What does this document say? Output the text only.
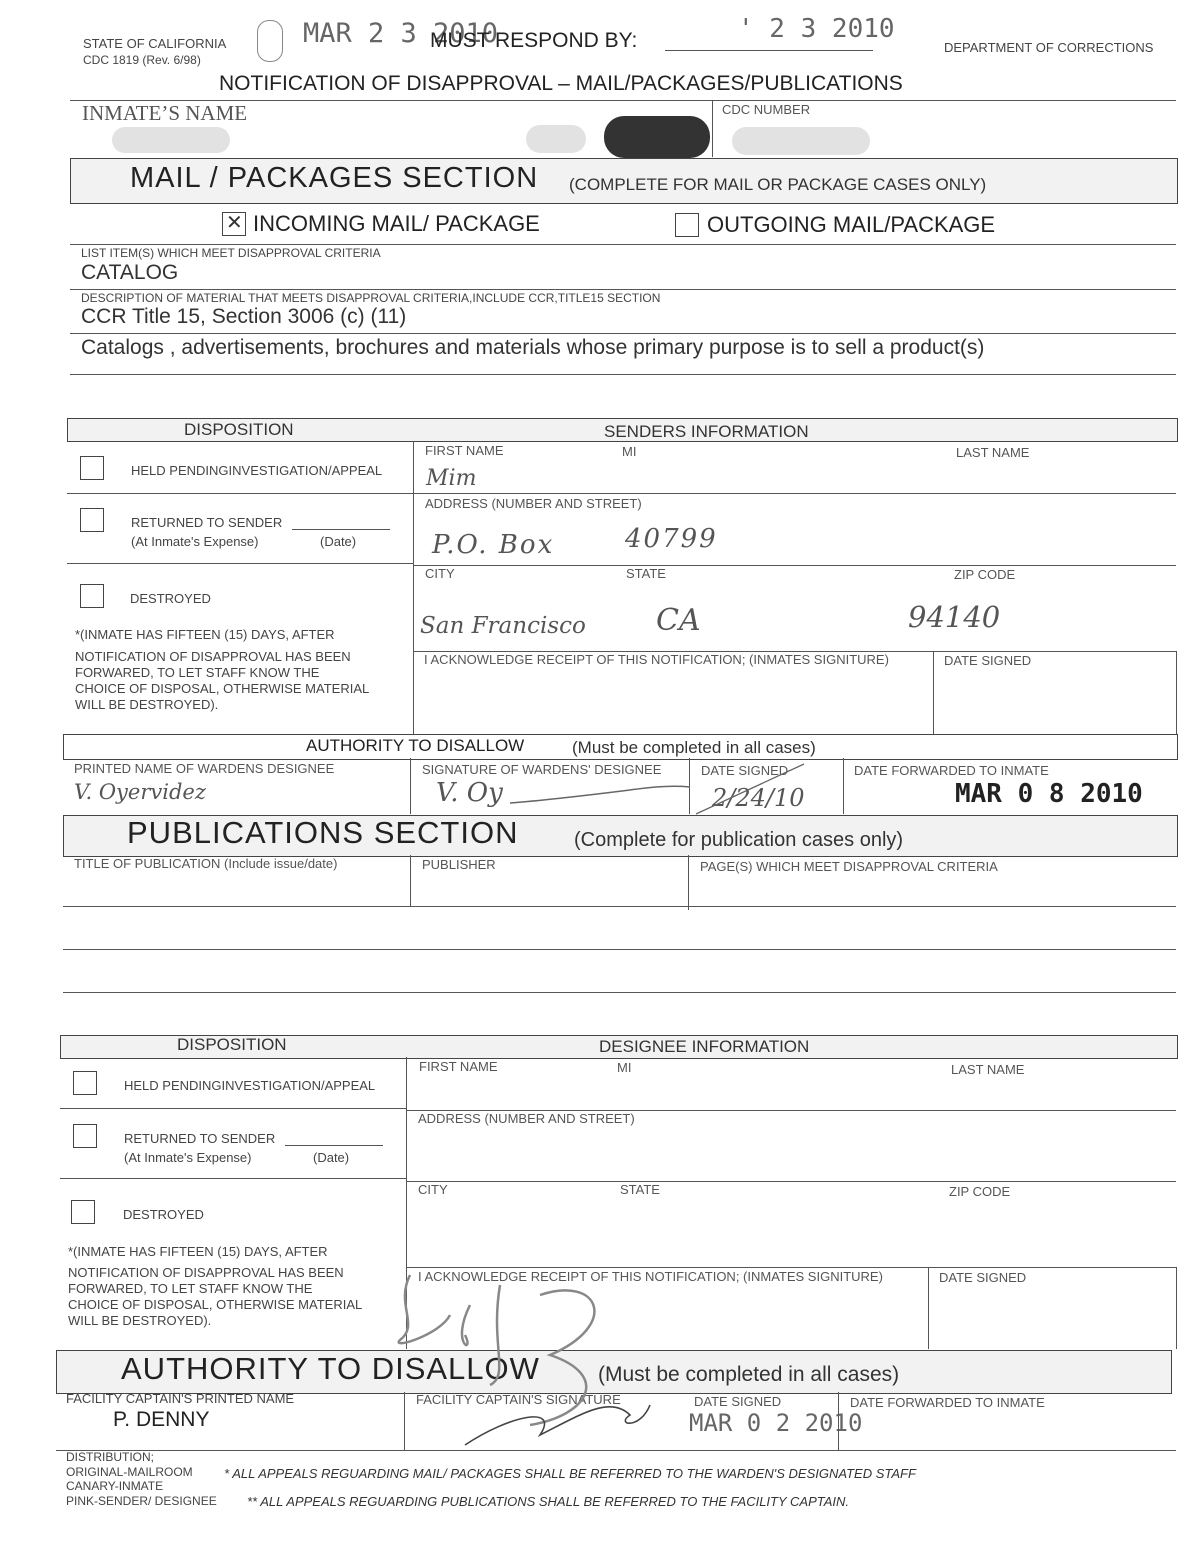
STATE OF CALIFORNIA
CDC 1819 (Rev. 6/98)
MAR 2 3 2010
MUST RESPOND BY:	' 2 3 2010
DEPARTMENT OF CORRECTIONS
NOTIFICATION OF DISAPPROVAL – MAIL/PACKAGES/PUBLICATIONS
INMATE’S NAME	CDC NUMBER
MAIL / PACKAGES SECTION (COMPLETE FOR MAIL OR PACKAGE CASES ONLY)
✕ INCOMING MAIL/ PACKAGE	OUTGOING MAIL/PACKAGE
LIST ITEM(S) WHICH MEET DISAPPROVAL CRITERIA
CATALOG
DESCRIPTION OF MATERIAL THAT MEETS DISAPPROVAL CRITERIA,INCLUDE CCR,TITLE15 SECTION
CCR Title 15, Section 3006 (c) (11)
Catalogs , advertisements, brochures and materials whose primary purpose is to sell a product(s)
DISPOSITION	SENDERS INFORMATION
HELD PENDINGINVESTIGATION/APPEAL
RETURNED TO SENDER
(At Inmate's Expense)	(Date)
DESTROYED
*(INMATE HAS FIFTEEN (15) DAYS, AFTER
NOTIFICATION OF DISAPPROVAL HAS BEEN
FORWARED, TO LET STAFF KNOW THE
CHOICE OF DISPOSAL, OTHERWISE MATERIAL
WILL BE DESTROYED).
FIRST NAME	MI	LAST NAME
Mim
ADDRESS (NUMBER AND STREET)
P.O. Box	40799
CITY	STATE	ZIP CODE
San Francisco CA	94140
I ACKNOWLEDGE RECEIPT OF THIS NOTIFICATION; (INMATES SIGNITURE)	DATE SIGNED
AUTHORITY TO DISALLOW	(Must be completed in all cases)
PRINTED NAME OF WARDENS DESIGNEE	SIGNATURE OF WARDENS' DESIGNEE	DATE SIGNED	DATE FORWARDED TO INMATE
V. Oyervidez	V. Oy	2/24/10	MAR 0 8 2010
PUBLICATIONS SECTION	(Complete for publication cases only)
TITLE OF PUBLICATION (Include issue/date)	PUBLISHER	PAGE(S) WHICH MEET DISAPPROVAL CRITERIA
DISPOSITION	DESIGNEE INFORMATION
HELD PENDINGINVESTIGATION/APPEAL
RETURNED TO SENDER
(At Inmate's Expense)	(Date)
DESTROYED
*(INMATE HAS FIFTEEN (15) DAYS, AFTER
NOTIFICATION OF DISAPPROVAL HAS BEEN
FORWARED, TO LET STAFF KNOW THE
CHOICE OF DISPOSAL, OTHERWISE MATERIAL
WILL BE DESTROYED).
FIRST NAME	MI	LAST NAME
ADDRESS (NUMBER AND STREET)
CITY	STATE	ZIP CODE
I ACKNOWLEDGE RECEIPT OF THIS NOTIFICATION; (INMATES SIGNITURE)	DATE SIGNED
AUTHORITY TO DISALLOW	(Must be completed in all cases)
FACILITY CAPTAIN'S PRINTED NAME
P. DENNY
FACILITY CAPTAIN'S SIGNATURE	DATE SIGNED
MAR 0 2 2010
DATE FORWARDED TO INMATE
DISTRIBUTION;
ORIGINAL-MAILROOM
CANARY-INMATE
PINK-SENDER/ DESIGNEE
* ALL APPEALS REGUARDING MAIL/ PACKAGES SHALL BE REFERRED TO THE WARDEN'S DESIGNATED STAFF
** ALL APPEALS REGUARDING PUBLICATIONS SHALL BE REFERRED TO THE FACILITY CAPTAIN.
